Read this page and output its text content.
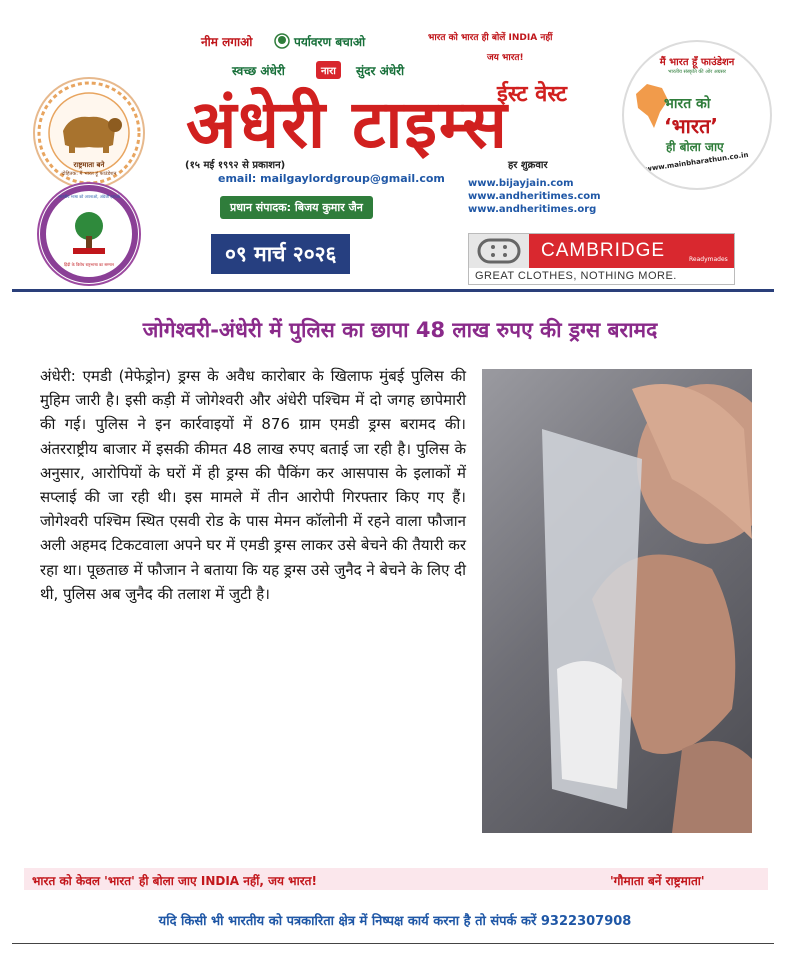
राष्ट्रमाता बने
दोहितक: मैं भारत हूं फाउंडेशन
भारतीय भाषा को अपनाओ, अंग्रेजी हटाओ
हिंदी के विरोध राष्ट्रभाषा का सम्मान
नीम लगाओ	पर्यावरण बचाओ
स्वच्छ अंधेरी	नारा	सुंदर अंधेरी
भारत को भारत ही बोलें INDIA नहीं
जय भारत!
ईस्ट वेस्ट
अंधेरी टाइम्स
(१५ मई १९९२ से प्रकाशन)	हर शुक्रवार
email: mailgaylordgroup@gmail.com
प्रधान संपादक: बिजय कुमार जैन
www.bijayjain.com
www.andheritimes.com
www.andheritimes.org
०९ मार्च २०२६	CAMBRIDGE	Readymades
GREAT CLOTHES, NOTHING MORE.
मैं भारत हूँ फाउंडेशन
भारतीय संस्कृति की ओर अग्रसर
भारत को
‘भारत’
ही बोला जाए
www.mainbharathun.co.in
जोगेश्वरी-अंधेरी में पुलिस का छापा 48 लाख रुपए की ड्रग्स बरामद
अंधेरी: एमडी (मेफेड्रोन) ड्रग्स के अवैध कारोबार के खिलाफ मुंबई पुलिस की मुहिम जारी है। इसी कड़ी में जोगेश्वरी और अंधेरी पश्चिम में दो जगह छापेमारी की गई। पुलिस ने इन कार्रवाइयों में 876 ग्राम एमडी ड्रग्स बरामद की। अंतरराष्ट्रीय बाजार में इसकी कीमत 48 लाख रुपए बताई जा रही है। पुलिस के अनुसार, आरोपियों के घरों में ही ड्रग्स की पैकिंग कर आसपास के इलाकों में सप्लाई की जा रही थी। इस मामले में तीन आरोपी गिरफ्तार किए गए हैं। जोगेश्वरी पश्चिम स्थित एसवी रोड के पास मेमन कॉलोनी में रहने वाला फौजान अली अहमद टिकटवाला अपने घर में एमडी ड्रग्स लाकर उसे बेचने की तैयारी कर रहा था। पूछताछ में फौजान ने बताया कि यह ड्रग्स उसे जुनैद ने बेचने के लिए दी थी, पुलिस अब जुनैद की तलाश में जुटी है।
भारत को केवल 'भारत' ही बोला जाए INDIA नहीं, जय भारत!	'गौमाता बनें राष्ट्रमाता'
यदि किसी भी भारतीय को पत्रकारिता क्षेत्र में निष्पक्ष कार्य करना है तो संपर्क करें 9322307908
